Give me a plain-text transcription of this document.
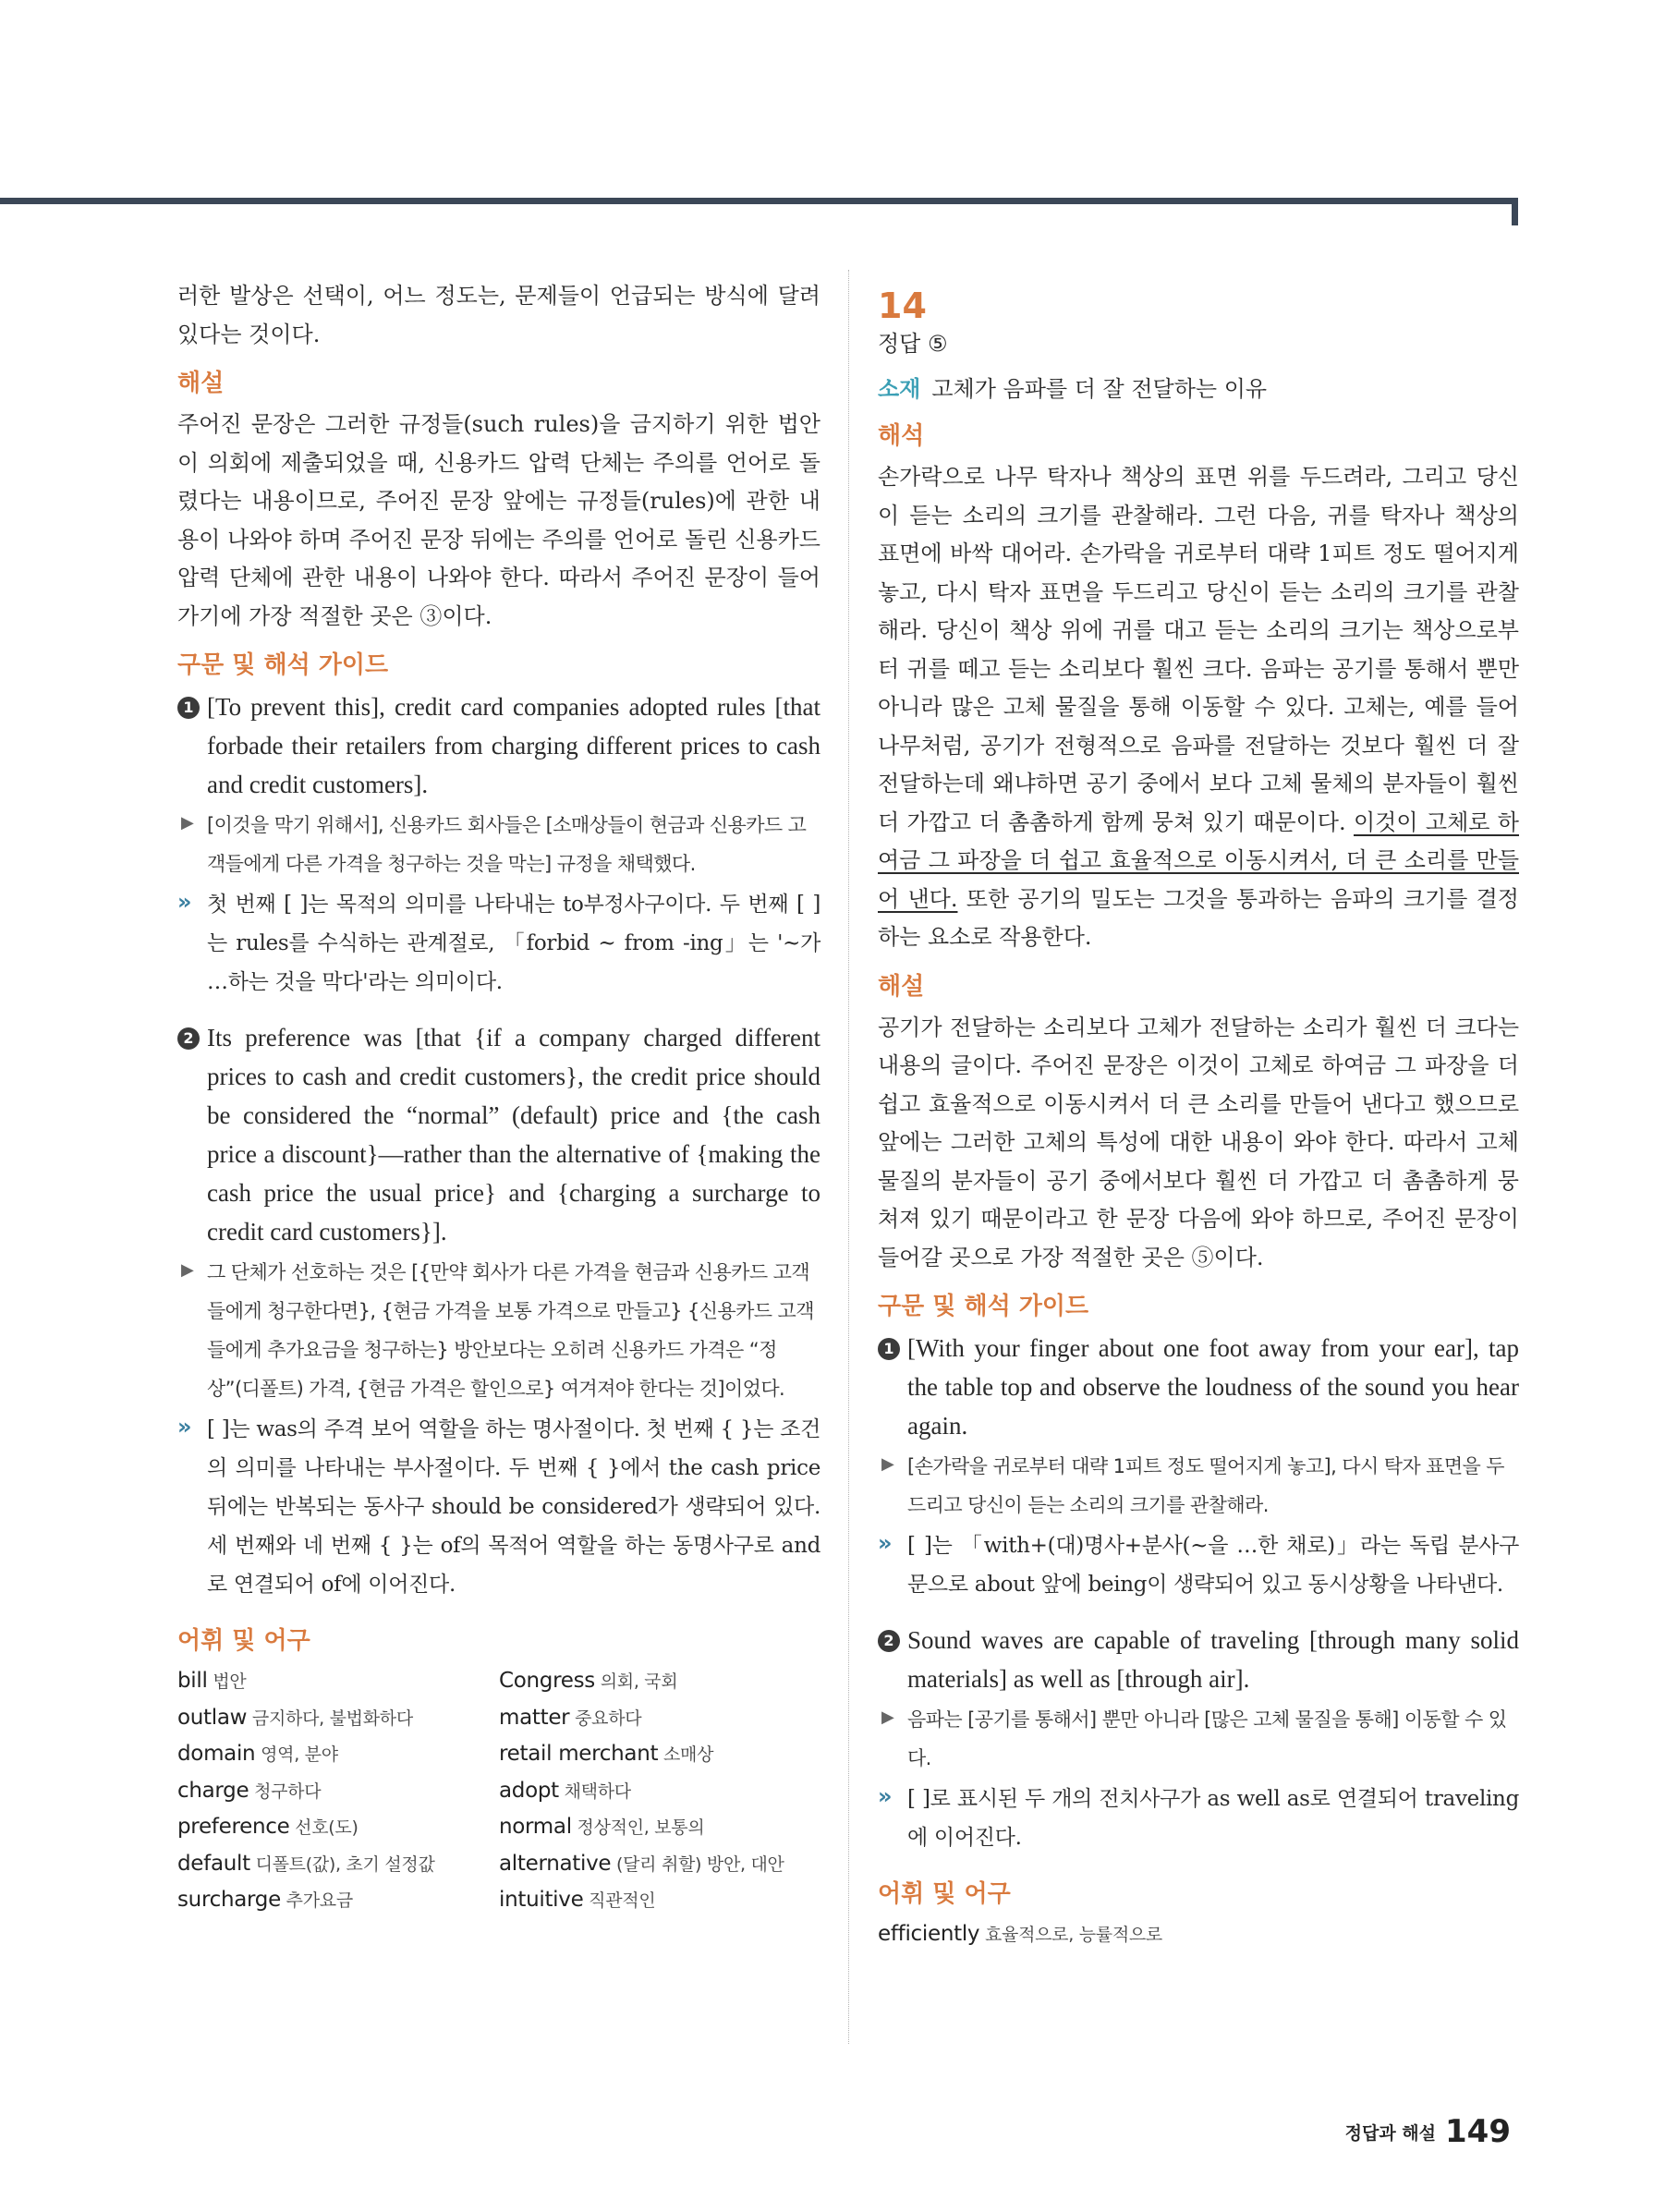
러한 발상은 선택이, 어느 정도는, 문제들이 언급되는 방식에 달려있다는 것이다.

해설

주어진 문장은 그러한 규정들(such rules)을 금지하기 위한 법안이 의회에 제출되었을 때, 신용카드 압력 단체는 주의를 언어로 돌렸다는 내용이므로, 주어진 문장 앞에는 규정들(rules)에 관한 내용이 나와야 하며 주어진 문장 뒤에는 주의를 언어로 돌린 신용카드 압력 단체에 관한 내용이 나와야 한다. 따라서 주어진 문장이 들어가기에 가장 적절한 곳은 ③이다.

구문 및 해석 가이드
1 [To prevent this], credit card companies adopted rules [that forbade their retailers from charging different prices to cash and credit customers].

▶ [이것을 막기 위해서], 신용카드 회사들은 [소매상들이 현금과 신용카드 고객들에게 다른 가격을 청구하는 것을 막는] 규정을 채택했다.

» 첫 번째 [ ]는 목적의 의미를 나타내는 to부정사구이다. 두 번째 [ ]는 rules를 수식하는 관계절로, 「forbid ~ from -ing」는 '~가 …하는 것을 막다'라는 의미이다.

2 Its preference was [that {if a company charged different prices to cash and credit customers}, the credit price should be considered the “normal” (default) price and {the cash price a discount}—rather than the alternative of {making the cash price the usual price} and {charging a surcharge to credit card customers}].

▶ 그 단체가 선호하는 것은 [{만약 회사가 다른 가격을 현금과 신용카드 고객들에게 청구한다면}, {현금 가격을 보통 가격으로 만들고} {신용카드 고객들에게 추가요금을 청구하는} 방안보다는 오히려 신용카드 가격은 “정상”(디폴트) 가격, {현금 가격은 할인으로} 여겨져야 한다는 것]이었다.

» [ ]는 was의 주격 보어 역할을 하는 명사절이다. 첫 번째 { }는 조건의 의미를 나타내는 부사절이다. 두 번째 { }에서 the cash price 뒤에는 반복되는 동사구 should be considered가 생략되어 있다. 세 번째와 네 번째 { }는 of의 목적어 역할을 하는 동명사구로 and로 연결되어 of에 이어진다.

어휘 및 어구
bill 법안	Congress 의회, 국회
outlaw 금지하다, 불법화하다	matter 중요하다
domain 영역, 분야	retail merchant 소매상
charge 청구하다	adopt 채택하다
preference 선호(도)	normal 정상적인, 보통의
default 디폴트(값), 초기 설정값	alternative (달리 취할) 방안, 대안
surcharge 추가요금	intuitive 직관적인
14
정답 ⑤

소재 고체가 음파를 더 잘 전달하는 이유

해석

손가락으로 나무 탁자나 책상의 표면 위를 두드려라, 그리고 당신이 듣는 소리의 크기를 관찰해라. 그런 다음, 귀를 탁자나 책상의 표면에 바싹 대어라. 손가락을 귀로부터 대략 1피트 정도 떨어지게 놓고, 다시 탁자 표면을 두드리고 당신이 듣는 소리의 크기를 관찰해라. 당신이 책상 위에 귀를 대고 듣는 소리의 크기는 책상으로부터 귀를 떼고 듣는 소리보다 훨씬 크다. 음파는 공기를 통해서 뿐만 아니라 많은 고체 물질을 통해 이동할 수 있다. 고체는, 예를 들어 나무처럼, 공기가 전형적으로 음파를 전달하는 것보다 훨씬 더 잘 전달하는데 왜냐하면 공기 중에서 보다 고체 물체의 분자들이 훨씬 더 가깝고 더 촘촘하게 함께 뭉쳐 있기 때문이다. 이것이 고체로 하여금 그 파장을 더 쉽고 효율적으로 이동시켜서, 더 큰 소리를 만들어 낸다. 또한 공기의 밀도는 그것을 통과하는 음파의 크기를 결정하는 요소로 작용한다.

해설

공기가 전달하는 소리보다 고체가 전달하는 소리가 훨씬 더 크다는 내용의 글이다. 주어진 문장은 이것이 고체로 하여금 그 파장을 더 쉽고 효율적으로 이동시켜서 더 큰 소리를 만들어 낸다고 했으므로 앞에는 그러한 고체의 특성에 대한 내용이 와야 한다. 따라서 고체 물질의 분자들이 공기 중에서보다 훨씬 더 가깝고 더 촘촘하게 뭉쳐져 있기 때문이라고 한 문장 다음에 와야 하므로, 주어진 문장이 들어갈 곳으로 가장 적절한 곳은 ⑤이다.

구문 및 해석 가이드
1 [With your finger about one foot away from your ear], tap the table top and observe the loudness of the sound you hear again.

▶ [손가락을 귀로부터 대략 1피트 정도 떨어지게 놓고], 다시 탁자 표면을 두드리고 당신이 듣는 소리의 크기를 관찰해라.

» [ ]는 「with+(대)명사+분사(~을 …한 채로)」라는 독립 분사구문으로 about 앞에 being이 생략되어 있고 동시상황을 나타낸다.

2 Sound waves are capable of traveling [through many solid materials] as well as [through air].

▶ 음파는 [공기를 통해서] 뿐만 아니라 [많은 고체 물질을 통해] 이동할 수 있다.

» [ ]로 표시된 두 개의 전치사구가 as well as로 연결되어 traveling에 이어진다.

어휘 및 어구
efficiently 효율적으로, 능률적으로
정답과 해설 149
